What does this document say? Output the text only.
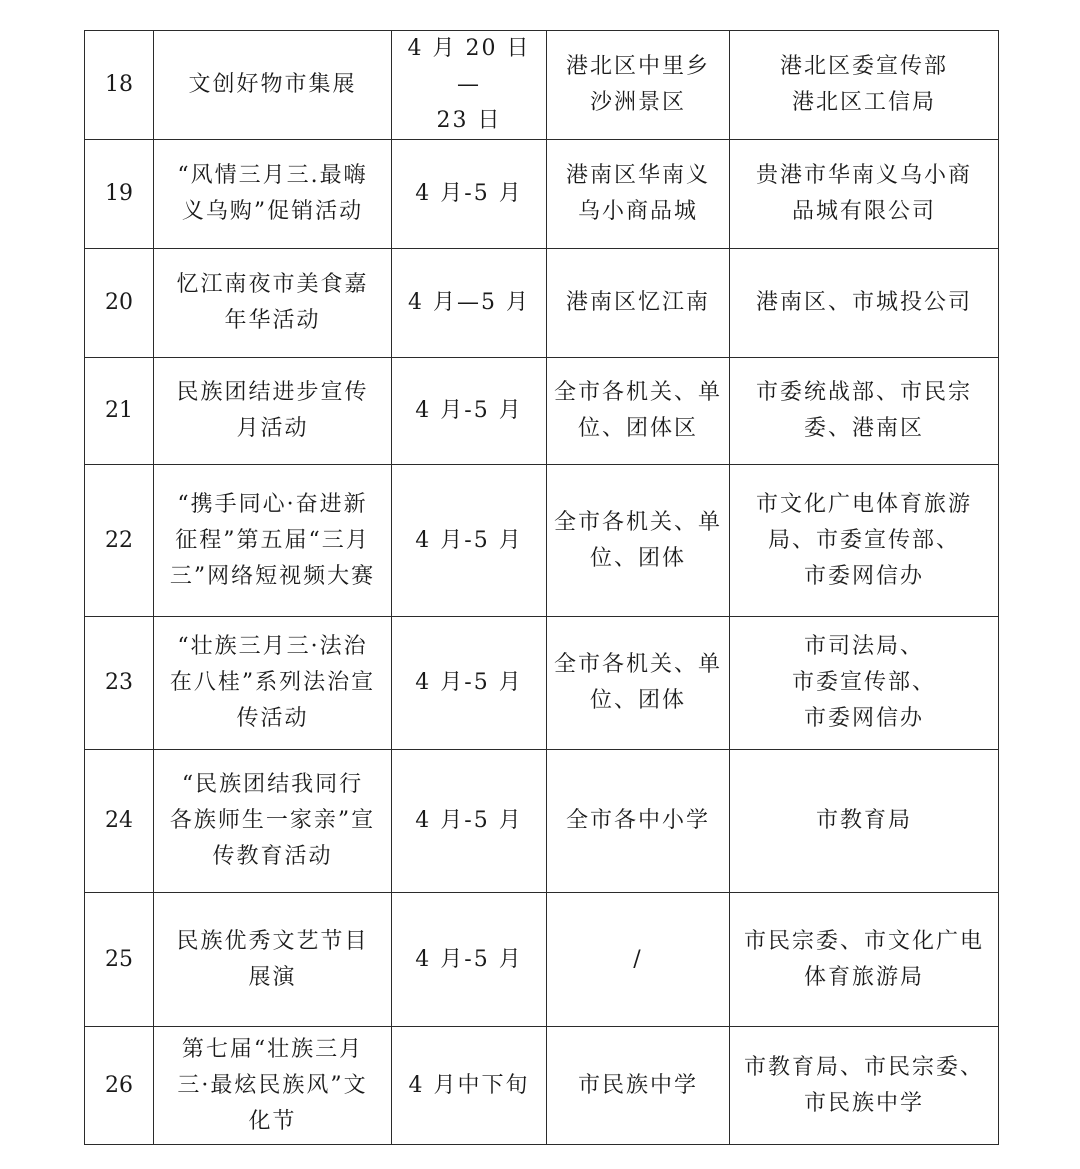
18	文创好物市集展	4 月 20 日—
23 日	港北区中里乡
沙洲景区	港北区委宣传部
港北区工信局
19	“风情三月三.最嗨
义乌购”促销活动	4 月-5 月	港南区华南义
乌小商品城	贵港市华南义乌小商
品城有限公司
20	忆江南夜市美食嘉
年华活动	4 月—5 月	港南区忆江南	港南区、市城投公司
21	民族团结进步宣传
月活动	4 月-5 月	全市各机关、单
位、团体区	市委统战部、市民宗
委、港南区
22	“携手同心·奋进新
征程”第五届“三月
三”网络短视频大赛	4 月-5 月	全市各机关、单
位、团体	市文化广电体育旅游
局、市委宣传部、
市委网信办
23	“壮族三月三·法治
在八桂”系列法治宣
传活动	4 月-5 月	全市各机关、单
位、团体	市司法局、
市委宣传部、
市委网信办
24	“民族团结我同行
各族师生一家亲”宣
传教育活动	4 月-5 月	全市各中小学	市教育局
25	民族优秀文艺节目
展演	4 月-5 月	/	市民宗委、市文化广电
体育旅游局
26	第七届“壮族三月
三·最炫民族风”文
化节	4 月中下旬	市民族中学	市教育局、市民宗委、
市民族中学
